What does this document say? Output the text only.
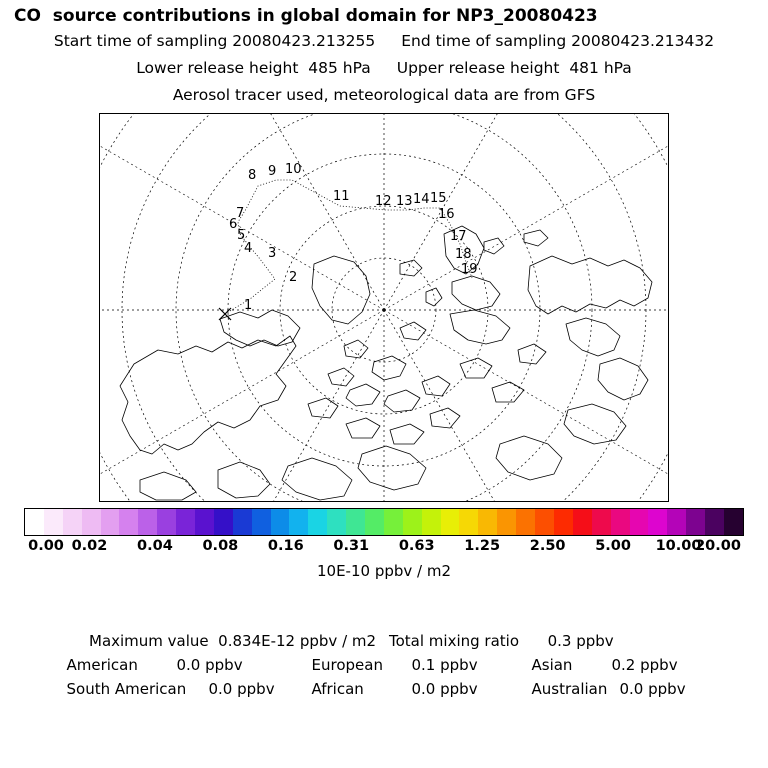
CO  source contributions in global domain for NP3_20080423
Start time of sampling 20080423.213255 End time of sampling 20080423.213432
Lower release height  485 hPa Upper release height  481 hPa
Aerosol tracer used, meteorological data are from GFS
1
2
3
4
5
6
7
8 9 10
11 12 13 14 15
16
17
18
19
0.00 0.02 0.04 0.08 0.16 0.31 0.63 1.25 2.50 5.00 10.00
20.00
10E-10 ppbv / m2

Maximum value  0.834E-12 ppbv / m2 Total mixing ratio      0.3 ppbv

American	0.0 ppbv	European	0.1 ppbv	Asian	0.2 ppbv

South American	0.0 ppbv	African	0.0 ppbv	Australian 0.0 ppbv
